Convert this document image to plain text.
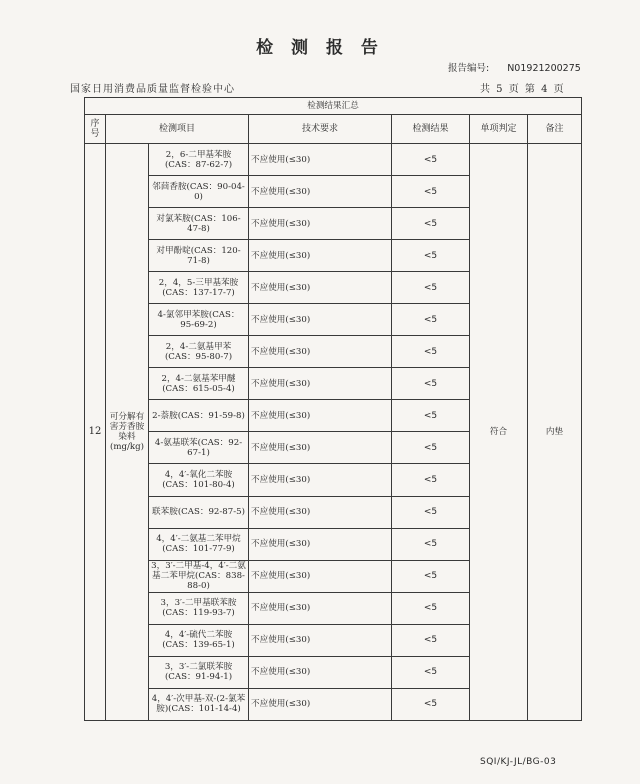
检 测 报 告
报告编号: N01921200275
国家日用消费品质量监督检验中心	共 5 页 第 4 页
检测结果汇总						
序号	检测项目		技术要求	检测结果	单项判定	备注
12	可分解有害芳香胺染料(mg/kg)	2，6-二甲基苯胺(CAS：87-62-7)	不应使用(≤30)	<5	符合	内垫
		邻茴香胺(CAS：90-04-0)	不应使用(≤30)	<5		
		对氯苯胺(CAS：106-47-8)	不应使用(≤30)	<5		
		对甲酚啶(CAS：120-71-8)	不应使用(≤30)	<5		
		2，4，5-三甲基苯胺(CAS：137-17-7)	不应使用(≤30)	<5		
		4-氯邻甲苯胺(CAS：95-69-2)	不应使用(≤30)	<5		
		2，4-二氨基甲苯(CAS：95-80-7)	不应使用(≤30)	<5		
		2，4-二氨基苯甲醚(CAS：615-05-4)	不应使用(≤30)	<5		
		2-萘胺(CAS：91-59-8)	不应使用(≤30)	<5		
		4-氨基联苯(CAS：92-67-1)	不应使用(≤30)	<5		
		4，4′-氧化二苯胺(CAS：101-80-4)	不应使用(≤30)	<5		
		联苯胺(CAS：92-87-5)	不应使用(≤30)	<5		
		4，4′-二氨基二苯甲烷(CAS：101-77-9)	不应使用(≤30)	<5		
		3，3′-二甲基-4，4′-二氨基二苯甲烷(CAS：838-88-0)	不应使用(≤30)	<5		
		3，3′-二甲基联苯胺(CAS：119-93-7)	不应使用(≤30)	<5		
		4，4′-硫代二苯胺(CAS：139-65-1)	不应使用(≤30)	<5		
		3，3′-二氯联苯胺(CAS：91-94-1)	不应使用(≤30)	<5		
		4，4′-次甲基-双-(2-氯苯胺)(CAS：101-14-4)	不应使用(≤30)	<5		
SQI/KJ-JL/BG-03
